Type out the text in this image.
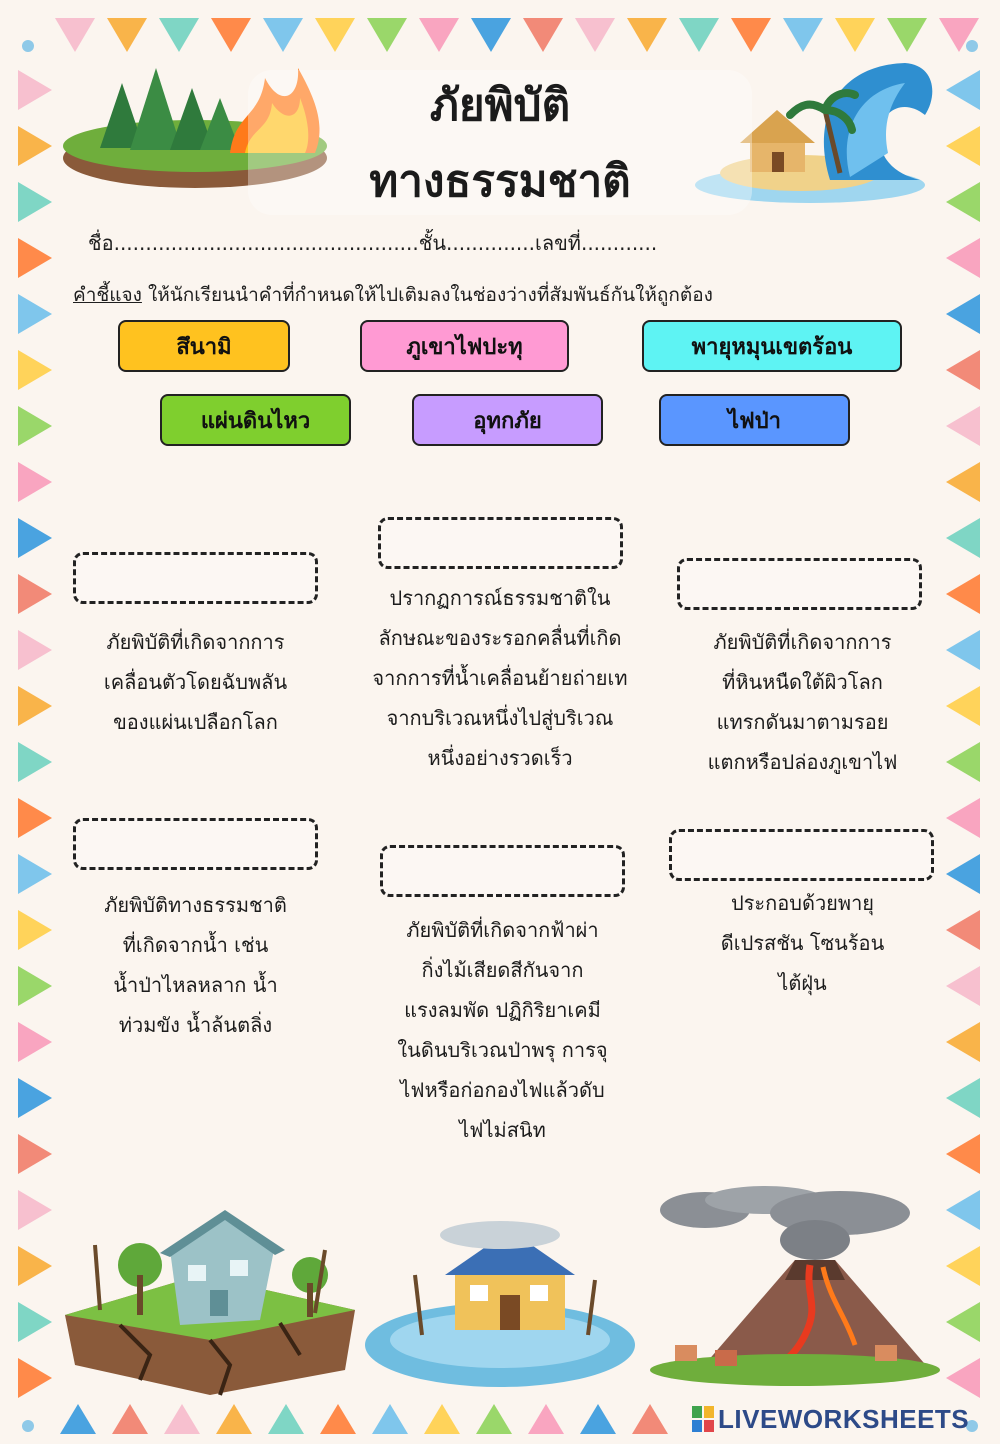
ภัยพิบัติ
ทางธรรมชาติ
ชื่อ................................................ชั้น..............เลขที่............
คำชี้แจง ให้นักเรียนนำคำที่กำหนดให้ไปเติมลงในช่องว่างที่สัมพันธ์กันให้ถูกต้อง
สึนามิ	ภูเขาไฟปะทุ	พายุหมุนเขตร้อน
แผ่นดินไหว	อุทกภัย	ไฟป่า
ภัยพิบัติที่เกิดจากการ
เคลื่อนตัวโดยฉับพลัน
ของแผ่นเปลือกโลก
ปรากฏการณ์ธรรมชาติใน
ลักษณะของระรอกคลื่นที่เกิด
จากการที่น้ำเคลื่อนย้ายถ่ายเท
จากบริเวณหนึ่งไปสู่บริเวณ
หนึ่งอย่างรวดเร็ว
ภัยพิบัติที่เกิดจากการ
ที่หินหนืดใต้ผิวโลก
แทรกดันมาตามรอย
แตกหรือปล่องภูเขาไฟ
ภัยพิบัติทางธรรมชาติ
ที่เกิดจากน้ำ เช่น
น้ำป่าไหลหลาก น้ำ
ท่วมขัง น้ำล้นตลิ่ง
ภัยพิบัติที่เกิดจากฟ้าผ่า
กิ่งไม้เสียดสีกันจาก
แรงลมพัด ปฏิกิริยาเคมี
ในดินบริเวณป่าพรุ การจุ
ไฟหรือก่อกองไฟแล้วดับ
ไฟไม่สนิท
ประกอบด้วยพายุ
ดีเปรสชัน โซนร้อน
ไต้ฝุ่น
LIVEWORKSHEETS
